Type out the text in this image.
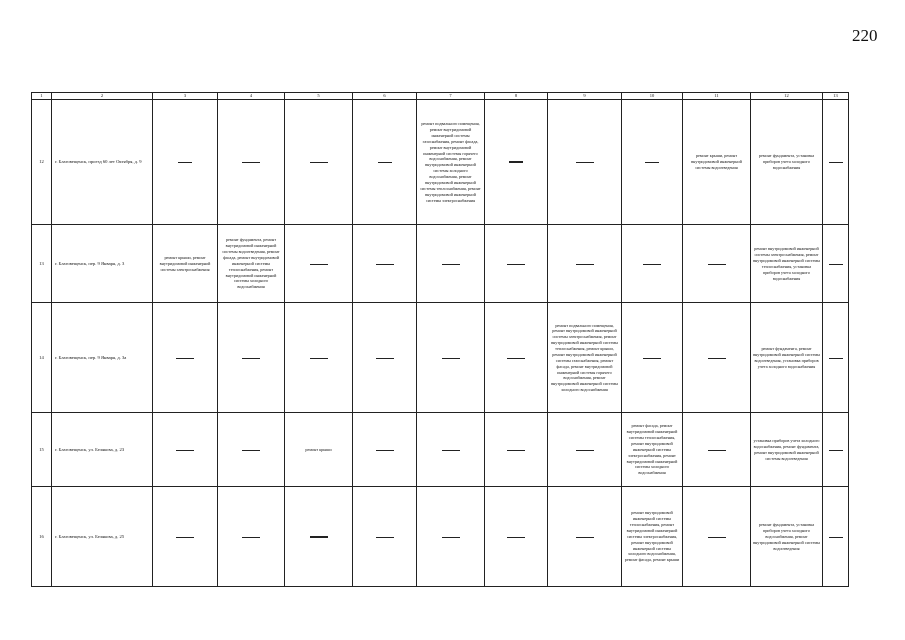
220
1	2	3	4	5	6	7	8	9	10	11	12	13
12	г. Благовещенск, проезд 60 лет Октября, д. 9					ремонт подвального помещения, ремонт внутридомовой инженерной системы газоснабжения, ремонт фасада, ремонт внутридомовой инженерной системы горячего водоснабжения, ремонт внутридомовой инженерной системы холодного водоснабжения, ремонт внутридомовой инженерной системы теплоснабжения, ремонт внутридомовой инженерной системы электроснабжения				ремонт крыши, ремонт внутридомовой инженерной системы водоотведения	ремонт фундамента, установка приборов учета холодного водоснабжения	
13	г. Благовещенск, пер. 9 Января, д. 3	ремонт крыши, ремонт внутридомовой инженерной системы электроснабжения	ремонт фундамента, ремонт внутридомовой инженерной системы водоотведения, ремонт фасада, ремонт внутридомовой инженерной системы теплоснабжения, ремонт внутридомовой инженерной системы холодного водоснабжения								ремонт внутридомовой инженерной системы электроснабжения, ремонт внутридомовой инженерной системы теплоснабжения, установка приборов учета холодного водоснабжения	
14	г. Благовещенск, пер. 9 Января, д. 3а							ремонт подвального помещения, ремонт внутридомовой инженерной системы электроснабжения, ремонт внутридомовой инженерной системы теплоснабжения, ремонт крыши, ремонт внутридомовой инженерной системы газоснабжения, ремонт фасада, ремонт внутридомовой инженерной системы горячего водоснабжения, ремонт внутридомовой инженерной системы холодного водоснабжения			ремонт фундамента, ремонт внутридомовой инженерной системы водоотведения, установка приборов учета холодного водоснабжения	
15	г. Благовещенск, ул. Белякова, д. 23			ремонт крыши					ремонт фасада, ремонт внутридомовой инженерной системы теплоснабжения, ремонт внутридомовой инженерной системы электроснабжения, ремонт внутридомовой инженерной системы холодного водоснабжения		установка приборов учета холодного водоснабжения, ремонт фундамента, ремонт внутридомовой инженерной системы водоотведения	
16	г. Благовещенск, ул. Белякова, д. 25								ремонт внутридомовой инженерной системы теплоснабжения, ремонт внутридомовой инженерной системы электроснабжения, ремонт внутридомовой инженерной системы холодного водоснабжения, ремонт фасада, ремонт крыши		ремонт фундамента, установка приборов учета холодного водоснабжения, ремонт внутридомовой инженерной системы водоотведения	
